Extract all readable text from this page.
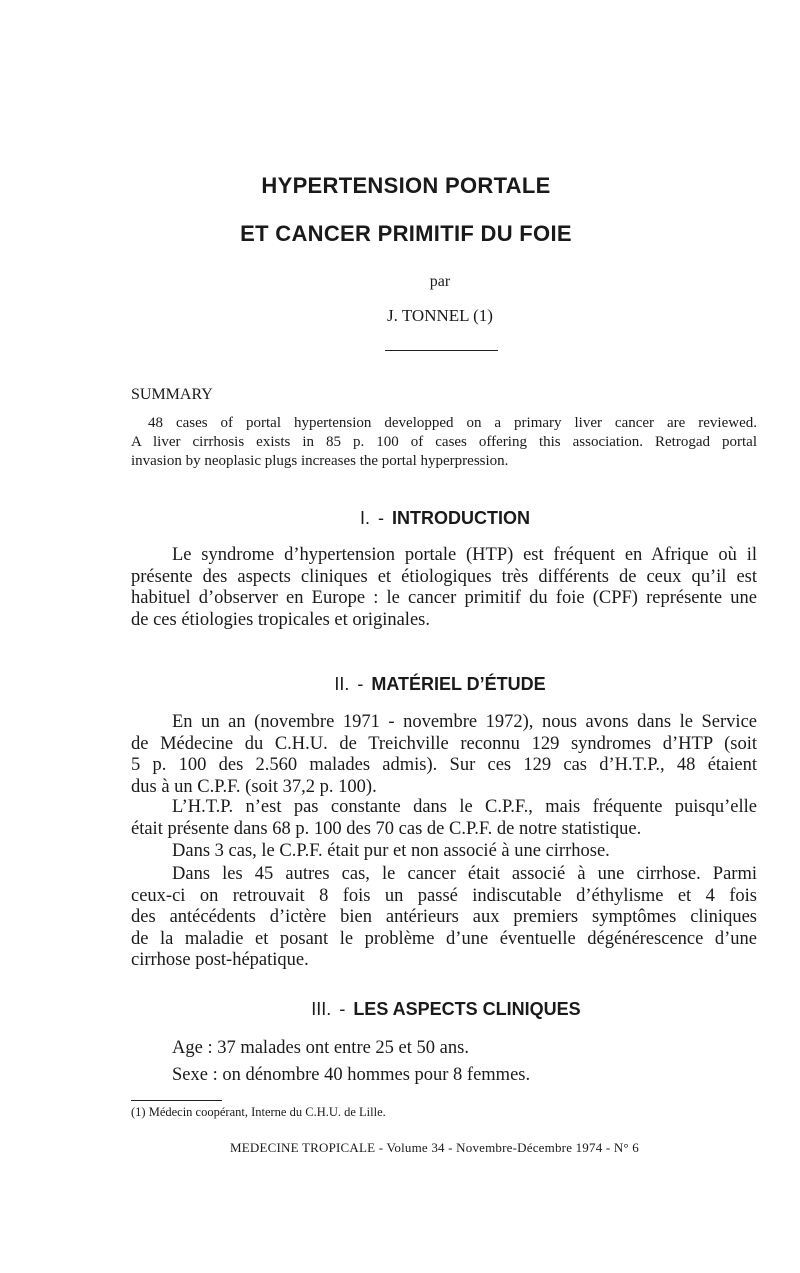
HYPERTENSION PORTALE
ET CANCER PRIMITIF DU FOIE
par
J. TONNEL (1)
SUMMARY
48 cases of portal hypertension developped on a primary liver cancer are reviewed.
A liver cirrhosis exists in 85 p. 100 of cases offering this association. Retrogad portal
invasion by neoplasic plugs increases the portal hyperpression.
I. - INTRODUCTION
Le syndrome d’hypertension portale (HTP) est fréquent en Afrique où il
présente des aspects cliniques et étiologiques très différents de ceux qu’il est
habituel d’observer en Europe : le cancer primitif du foie (CPF) représente une
de ces étiologies tropicales et originales.
II. - MATÉRIEL D’ÉTUDE
En un an (novembre 1971 - novembre 1972), nous avons dans le Service
de Médecine du C.H.U. de Treichville reconnu 129 syndromes d’HTP (soit
5 p. 100 des 2.560 malades admis). Sur ces 129 cas d’H.T.P., 48 étaient
dus à un C.P.F. (soit 37,2 p. 100).
L’H.T.P. n’est pas constante dans le C.P.F., mais fréquente puisqu’elle
était présente dans 68 p. 100 des 70 cas de C.P.F. de notre statistique.
Dans 3 cas, le C.P.F. était pur et non associé à une cirrhose.
Dans les 45 autres cas, le cancer était associé à une cirrhose. Parmi
ceux-ci on retrouvait 8 fois un passé indiscutable d’éthylisme et 4 fois
des antécédents d’ictère bien antérieurs aux premiers symptômes cliniques
de la maladie et posant le problème d’une éventuelle dégénérescence d’une
cirrhose post-hépatique.
III. - LES ASPECTS CLINIQUES
Age : 37 malades ont entre 25 et 50 ans.
Sexe : on dénombre 40 hommes pour 8 femmes.
(1) Médecin coopérant, Interne du C.H.U. de Lille.
MEDECINE TROPICALE - Volume 34 - Novembre-Décembre 1974 - N° 6
